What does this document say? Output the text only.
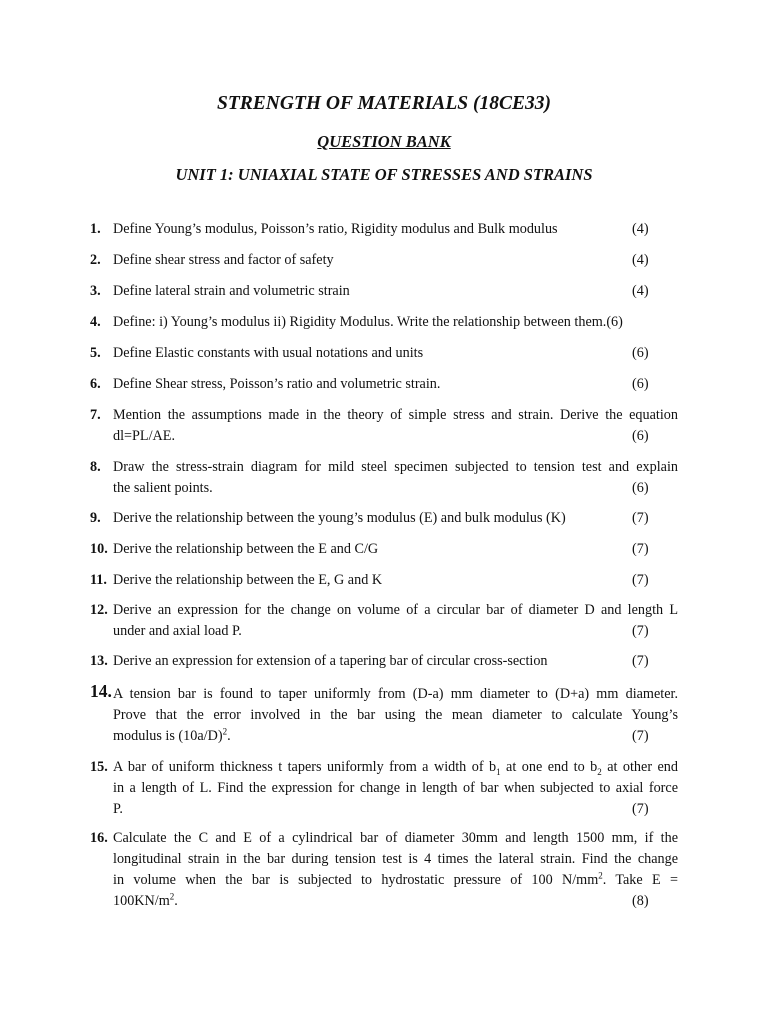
STRENGTH OF MATERIALS (18CE33)
QUESTION BANK
UNIT 1: UNIAXIAL STATE OF STRESSES AND STRAINS
1. Define Young’s modulus, Poisson’s ratio, Rigidity modulus and Bulk modulus	(4)
2. Define shear stress and factor of safety	(4)
3. Define lateral strain and volumetric strain	(4)
4. Define: i) Young’s modulus ii) Rigidity Modulus. Write the relationship between them.(6)
5. Define Elastic constants with usual notations and units	(6)
6. Define Shear stress, Poisson’s ratio and volumetric strain.	(6)
7. Mention the assumptions made in the theory of simple stress and strain. Derive the equation
dl=PL/AE.	(6)
8. Draw the stress-strain diagram for mild steel specimen subjected to tension test and explain
the salient points.	(6)
9. Derive the relationship between the young’s modulus (E) and bulk modulus (K)	(7)
10. Derive the relationship between the E and C/G	(7)
11. Derive the relationship between the E, G and K	(7)
12. Derive an expression for the change on volume of a circular bar of diameter D and length L
under and axial load P.	(7)
13. Derive an expression for extension of a tapering bar of circular cross-section	(7)
14. A tension bar is found to taper uniformly from (D-a) mm diameter to (D+a) mm diameter.
Prove that the error involved in the bar using the mean diameter to calculate Young’s
modulus is $(10a/D)^2$.	(7)
15. A bar of uniform thickness t tapers uniformly from a width of $b_1$ at one end to $b_2$ at other end
in a length of L. Find the expression for change in length of bar when subjected to axial force
P.	(7)
16. Calculate the C and E of a cylindrical bar of diameter 30mm and length 1500 mm, if the
longitudinal strain in the bar during tension test is 4 times the lateral strain. Find the change
in volume when the bar is subjected to hydrostatic pressure of 100 $N/mm^2$. Take E =
$100KN/m^2$.	(8)
